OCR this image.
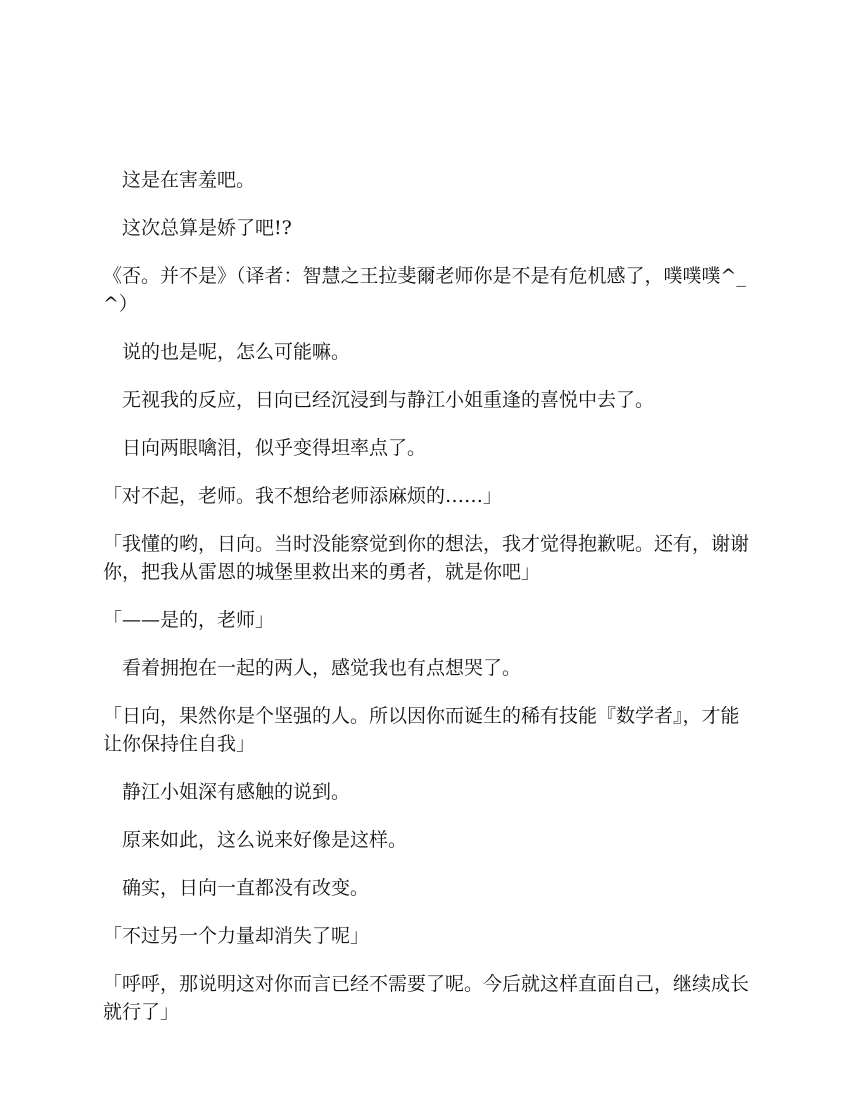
这是在害羞吧。

这次总算是娇了吧!?

《否。并不是》（译者：智慧之王拉斐爾老师你是不是有危机感了，噗噗噗^_^）

说的也是呢，怎么可能嘛。

无视我的反应，日向已经沉浸到与静江小姐重逢的喜悦中去了。

日向两眼噙泪，似乎变得坦率点了。

「对不起，老师。我不想给老师添麻烦的……」

「我懂的哟，日向。当时没能察觉到你的想法，我才觉得抱歉呢。还有，谢谢你，把我从雷恩的城堡里救出来的勇者，就是你吧」

「——是的，老师」

看着拥抱在一起的两人，感觉我也有点想哭了。

「日向，果然你是个坚强的人。所以因你而诞生的稀有技能『数学者』，才能让你保持住自我」

静江小姐深有感触的说到。

原来如此，这么说来好像是这样。

确实，日向一直都没有改变。

「不过另一个力量却消失了呢」

「呼呼，那说明这对你而言已经不需要了呢。今后就这样直面自己，继续成长就行了」
